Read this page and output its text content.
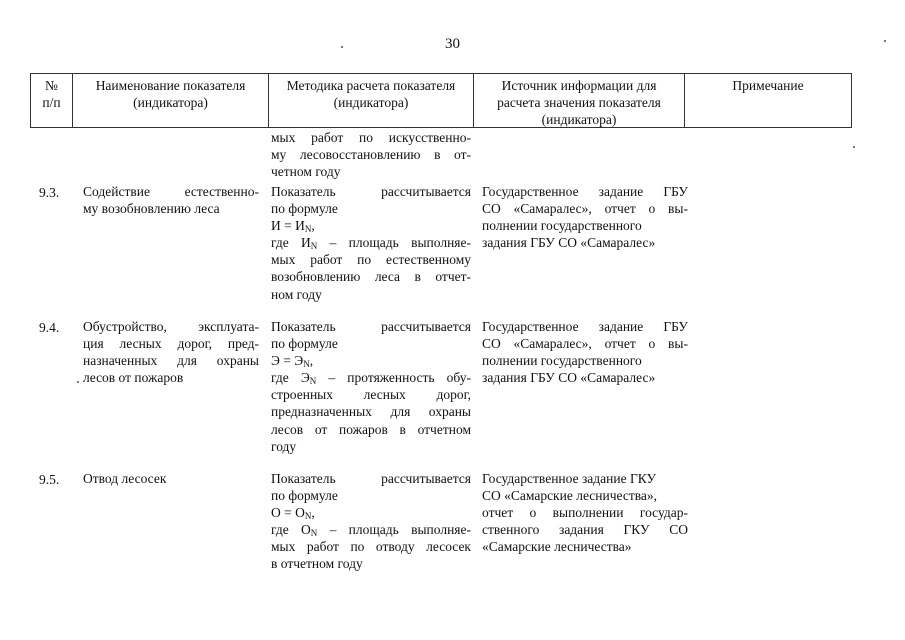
30
№
п/п
Наименование показателя
(индикатора)
Методика расчета показателя
(индикатора)
Источник информации для
расчета значения показателя
(индикатора)
Примечание
мых работ по искусственно-
му лесовосстановлению в от-
четном году
9.3. Содействие естественно-
му возобновлению леса
Показатель рассчитывается
по формуле
$И = И_N$,
где $И_N$ – площадь выполняе-
мых работ по естественному
возобновлению леса в отчет-
ном году
Государственное задание ГБУ
СО «Самаралес», отчет о вы-
полнении государственного
задания ГБУ СО «Самаралес»
9.4. Обустройство, эксплуата-
ция лесных дорог, пред-
назначенных для охраны
лесов от пожаров
Показатель рассчитывается
по формуле
$Э = Э_N$,
где $Э_N$ – протяженность обу-
строенных лесных дорог,
предназначенных для охраны
лесов от пожаров в отчетном
году
Государственное задание ГБУ
СО «Самаралес», отчет о вы-
полнении государственного
задания ГБУ СО «Самаралес»
9.5. Отвод лесосек	Показатель рассчитывается
по формуле
$О = О_N$,
где $О_N$ – площадь выполняе-
мых работ по отводу лесосек
в отчетном году
Государственное задание ГКУ
СО «Самарские лесничества»,
отчет о выполнении государ-
ственного задания ГКУ СО
«Самарские лесничества»
